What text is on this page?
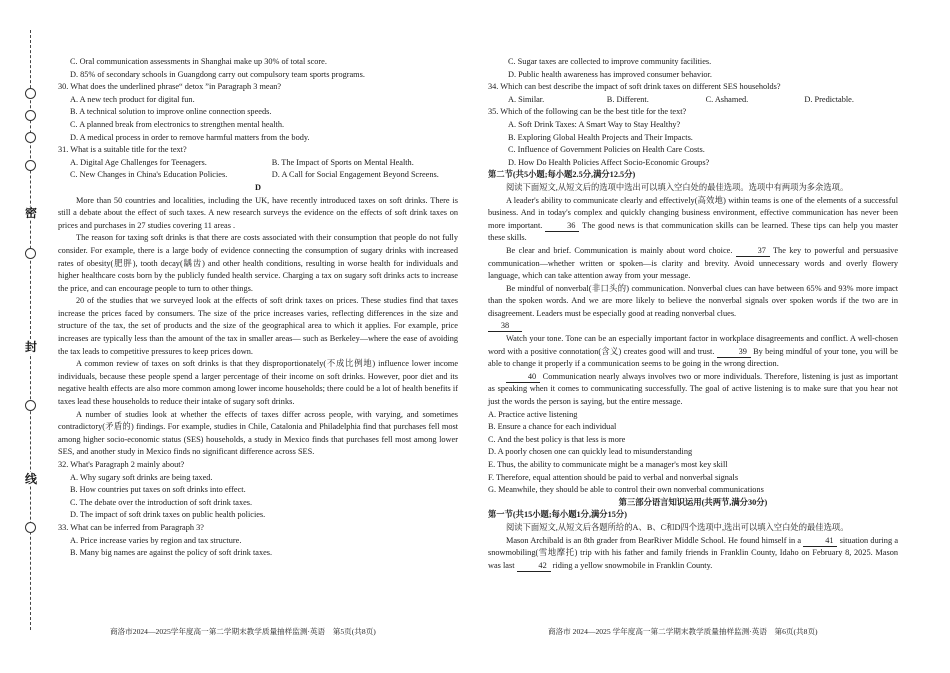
密
封
线

C. Oral communication assessments in Shanghai make up 30% of total score.

D. 85% of secondary schools in Guangdong carry out compulsory team sports programs.

30. What does the underlined phrase“ detox ”in Paragraph 3 mean?

A. A new tech product for digital fun.

B. A technical solution to improve online connection speeds.

C. A planned break from electronics to strengthen mental health.

D. A medical process in order to remove harmful matters from the body.

31. What is a suitable title for the text?

A. Digital Age Challenges for Teenagers.	B. The Impact of Sports on Mental Health.
C. New Changes in China's Education Policies.	D. A Call for Social Engagement Beyond Screens.

D

More than 50 countries and localities, including the UK, have recently introduced taxes on soft drinks. There is still a debate about the effect of such taxes. A new research surveys the evidence on the effects of soft drink taxes on prices and purchases in 27 studies covering 11 areas .

The reason for taxing soft drinks is that there are costs associated with their consumption that people do not fully consider. For example, there is a large body of evidence connecting the consumption of sugary drinks with increased rates of obesity(肥胖), tooth decay(龋齿) and other health conditions, resulting in worse health for individuals and higher healthcare costs born by the publicly funded health service. Charging a tax on sugary soft drinks acts to increase the price, and can encourage people to turn to other things.

20 of the studies that we surveyed look at the effects of soft drink taxes on prices. These studies find that taxes increase the prices faced by consumers. The size of the price increases varies, reflecting differences in the size and structure of the tax, the set of products and the size of the geographical area to which it applies. For example, price increases are typically less than the amount of the tax in smaller areas— such as Berkeley—where the ease of avoiding the tax leads to competitive pressures to keep prices down.

A common review of taxes on soft drinks is that they disproportionately(不成比例地) influence lower income individuals, because these people spend a larger percentage of their income on soft drinks. However, poor diet and its negative health effects are also more common among lower income households; there could be a lot of health benefits if taxes lead these households to reduce their intake of sugary soft drinks.

A number of studies look at whether the effects of taxes differ across people, with varying, and sometimes contradictory(矛盾的) findings. For example, studies in Chile, Catalonia and Philadelphia find that purchases fell most among higher socio-economic status (SES) households, a study in Mexico finds that purchases fell most among lower SES, and another study in Mexico finds no significant difference across SES.

32. What's Paragraph 2 mainly about?

A. Why sugary soft drinks are being taxed.

B. How countries put taxes on soft drinks into effect.

C. The debate over the introduction of soft drink taxes.

D. The impact of soft drink taxes on public health policies.

33. What can be inferred from Paragraph 3?

A. Price increase varies by region and tax structure.

B. Many big names are against the policy of soft drink taxes.

C. Sugar taxes are collected to improve community facilities.

D. Public health awareness has improved consumer behavior.

34. Which can best describe the impact of soft drink taxes on different SES households?

A. Similar.	B. Different.	C. Ashamed.	D. Predictable.

35. Which of the following can be the best title for the text?

A. Soft Drink Taxes: A Smart Way to Stay Healthy?

B. Exploring Global Health Projects and Their Impacts.

C. Influence of Government Policies on Health Care Costs.

D. How Do Health Policies Affect Socio-Economic Groups?

第二节(共5小题;每小题2.5分,满分12.5分)

阅读下面短文,从短文后的选项中选出可以填入空白处的最佳选项。选项中有两项为多余选项。

A leader's ability to communicate clearly and effectively(高效地) within teams is one of the elements of a successful business. And in today's complex and quickly changing business environment, effective communication has never been more important.	36 The good news is that communication skills can be learned. These tips can help you master these skills.

Be clear and brief. Communication is mainly about word choice.	37 The key to powerful and persuasive communication—whether written or spoken—is clarity and brevity. Avoid unnecessary words and overly flowery language, which can take attention away from your message.

Be mindful of nonverbal(非口头的) communication. Nonverbal clues can have between 65% and 93% more impact than the spoken words. And we are more likely to believe the nonverbal signals over spoken words if the two are in disagreement. Leaders must be especially good at reading nonverbal clues.

38

Watch your tone. Tone can be an especially important factor in workplace disagreements and conflict. A well-chosen word with a positive connotation(含义) creates good will and trust.	39 By being mindful of your tone, you will be able to change it properly if a communication seems to be going in the wrong direction.

40 Communication nearly always involves two or more individuals. Therefore, listening is just as important as speaking when it comes to communicating successfully. The goal of active listening is to make sure that you hear not just the words the person is saying, but the entire message.

A. Practice active listening

B. Ensure a chance for each individual

C. And the best policy is that less is more

D. A poorly chosen one can quickly lead to misunderstanding

E. Thus, the ability to communicate might be a manager's most key skill

F. Therefore, equal attention should be paid to verbal and nonverbal signals

G. Meanwhile, they should be able to control their own nonverbal communications

第三部分语言知识运用(共两节,满分30分)

第一节(共15小题;每小题1分,满分15分)

阅读下面短文,从短文后各题所给的A、B、C和D四个选项中,选出可以填入空白处的最佳选项。

Mason Archibald is an 8th grader from BearRiver Middle School. He found himself in a	41 situation during a snowmobiling(雪地摩托) trip with his father and family friends in Franklin County, Idaho on February 8, 2025. Mason was last	42 riding a yellow snowmobile in Franklin County.

商洛市2024—2025学年度高一第二学期末教学质量抽样监测·英语　第5页(共8页)	商洛市 2024—2025 学年度高一第二学期末教学质量抽样监测·英语　第6页(共8页)
